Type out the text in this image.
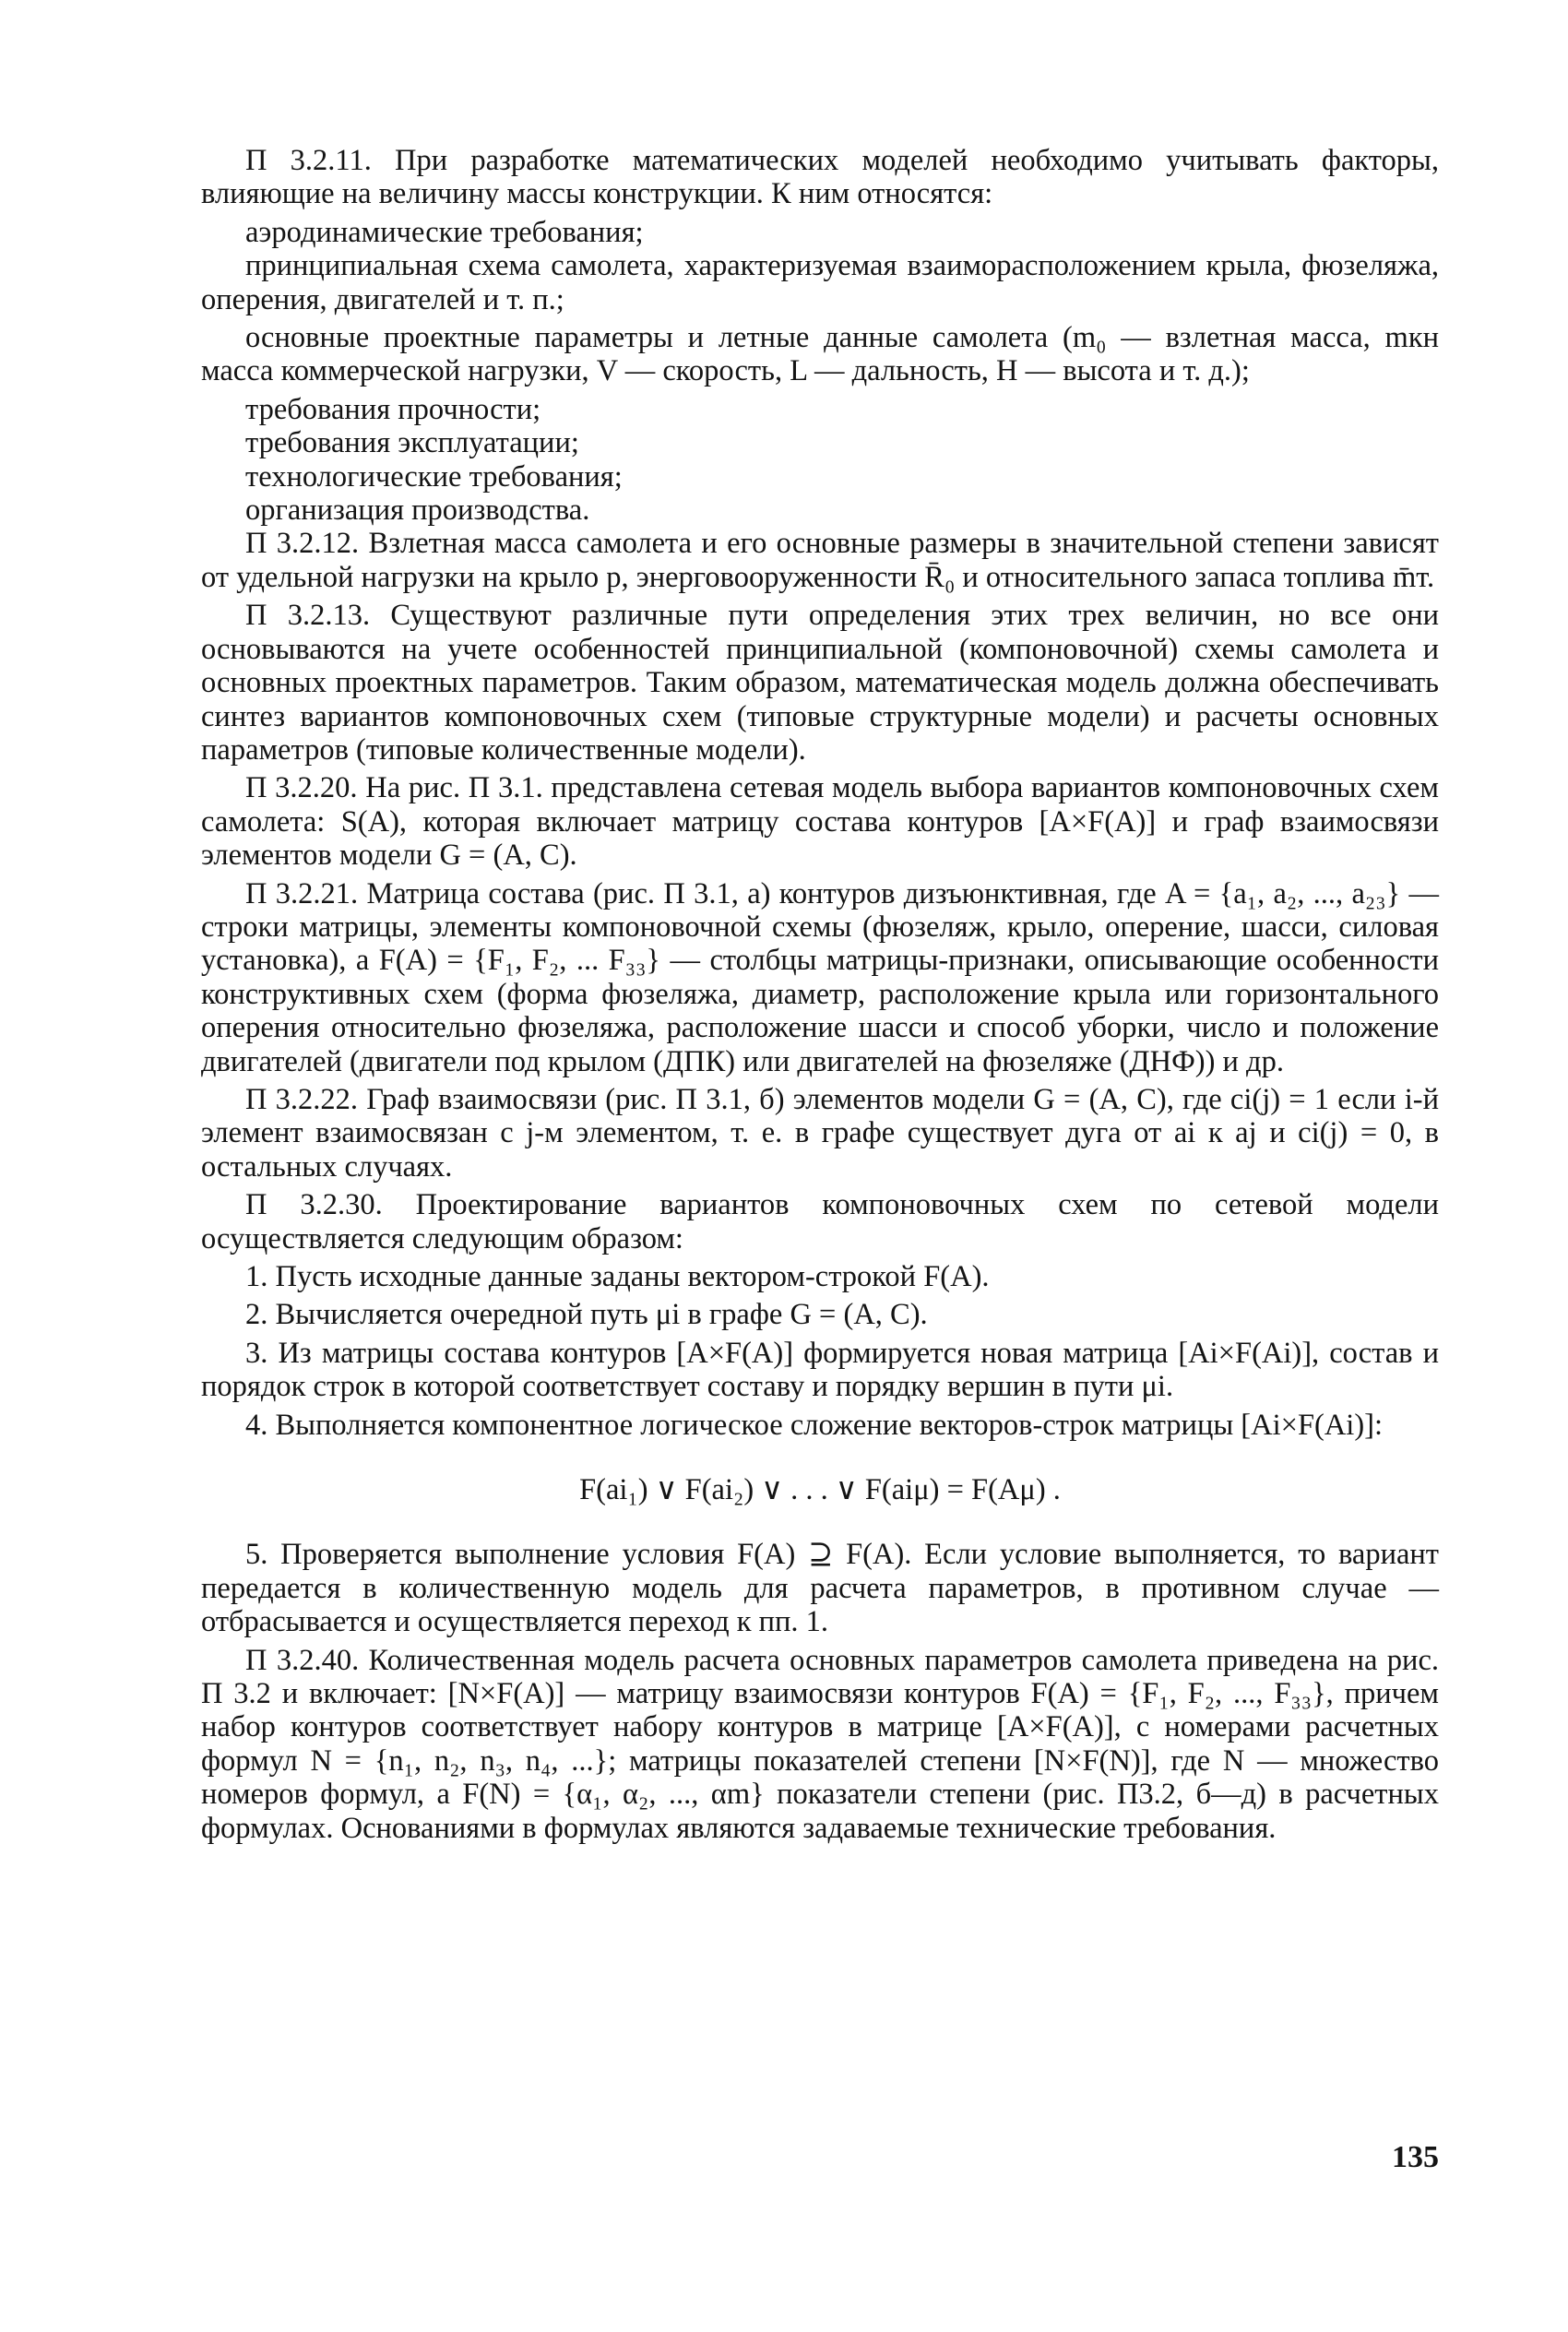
П 3.2.11. При разработке математических моделей необходимо учитывать факторы, влияющие на величину массы конструкции. К ним относятся:

аэродинамические требования;

принципиальная схема самолета, характеризуемая взаиморасположением крыла, фюзеляжа, оперения, двигателей и т. п.;

основные проектные параметры и летные данные самолета (m₀ — взлетная масса, mкн масса коммерческой нагрузки, V — скорость, L — дальность, H — высота и т. д.);

требования прочности;

требования эксплуатации;

технологические требования;

организация производства.

П 3.2.12. Взлетная масса самолета и его основные размеры в значительной степени зависят от удельной нагрузки на крыло p, энерговооруженности R̄₀ и относительного запаса топлива m̄т.

П 3.2.13. Существуют различные пути определения этих трех величин, но все они основываются на учете особенностей принципиальной (компоновочной) схемы самолета и основных проектных параметров. Таким образом, математическая модель должна обеспечивать синтез вариантов компоновочных схем (типовые структурные модели) и расчеты основных параметров (типовые количественные модели).

П 3.2.20. На рис. П 3.1. представлена сетевая модель выбора вариантов компоновочных схем самолета: S(A), которая включает матрицу состава контуров [A×F(A)] и граф взаимосвязи элементов модели G = (A, C).

П 3.2.21. Матрица состава (рис. П 3.1, а) контуров дизъюнктивная, где A = {a₁, a₂, ..., a₂₃} — строки матрицы, элементы компоновочной схемы (фюзеляж, крыло, оперение, шасси, силовая установка), а F(A) = {F₁, F₂, ... F₃₃} — столбцы матрицы-признаки, описывающие особенности конструктивных схем (форма фюзеляжа, диаметр, расположение крыла или горизонтального оперения относительно фюзеляжа, расположение шасси и способ уборки, число и положение двигателей (двигатели под крылом (ДПК) или двигателей на фюзеляже (ДНФ)) и др.

П 3.2.22. Граф взаимосвязи (рис. П 3.1, б) элементов модели G = (A, C), где ci(j) = 1 если i-й элемент взаимосвязан с j-м элементом, т. е. в графе существует дуга от ai к aj и ci(j) = 0, в остальных случаях.

П 3.2.30. Проектирование вариантов компоновочных схем по сетевой модели осуществляется следующим образом:

1. Пусть исходные данные заданы вектором-строкой F(A).

2. Вычисляется очередной путь μi в графе G = (A, C).

3. Из матрицы состава контуров [A×F(A)] формируется новая матрица [Ai×F(Ai)], состав и порядок строк в которой соответствует составу и порядку вершин в пути μi.

4. Выполняется компонентное логическое сложение векторов-строк матрицы [Ai×F(Ai)]:

F(ai₁) ∨ F(ai₂) ∨ . . . ∨ F(aiμ) = F(Aμ) .

5. Проверяется выполнение условия F(A) ⊇ F(A). Если условие выполняется, то вариант передается в количественную модель для расчета параметров, в противном случае — отбрасывается и осуществляется переход к пп. 1.

П 3.2.40. Количественная модель расчета основных параметров самолета приведена на рис. П 3.2 и включает: [N×F(A)] — матрицу взаимосвязи контуров F(A) = {F₁, F₂, ..., F₃₃}, причем набор контуров соответствует набору контуров в матрице [A×F(A)], с номерами расчетных формул N = {n₁, n₂, n₃, n₄, ...}; матрицы показателей степени [N×F(N)], где N — множество номеров формул, а F(N) = {α₁, α₂, ..., αm} показатели степени (рис. П3.2, б—д) в расчетных формулах. Основаниями в формулах являются задаваемые технические требования.

135
